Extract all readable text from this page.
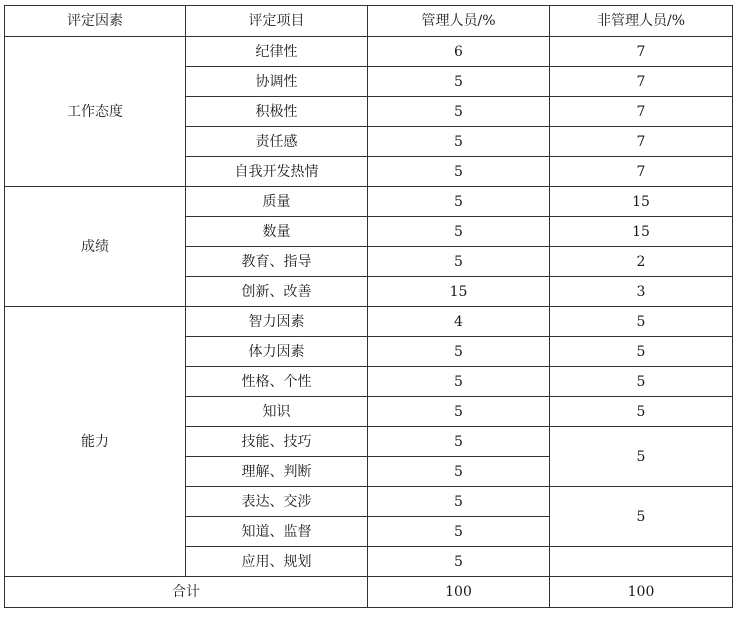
评定因素	评定项目	管理人员/%	非管理人员/%
工作态度	纪律性	6	7
	协调性	5	7
	积极性	5	7
	责任感	5	7
	自我开发热情	5	7
成绩	质量	5	15
	数量	5	15
	教育、指导	5	2
	创新、改善	15	3
能力	智力因素	4	5
	体力因素	5	5
	性格、个性	5	5
	知识	5	5
	技能、技巧	5	5
	理解、判断	5	
	表达、交涉	5	5
	知道、监督	5	
	应用、规划	5	
合计		100	100
